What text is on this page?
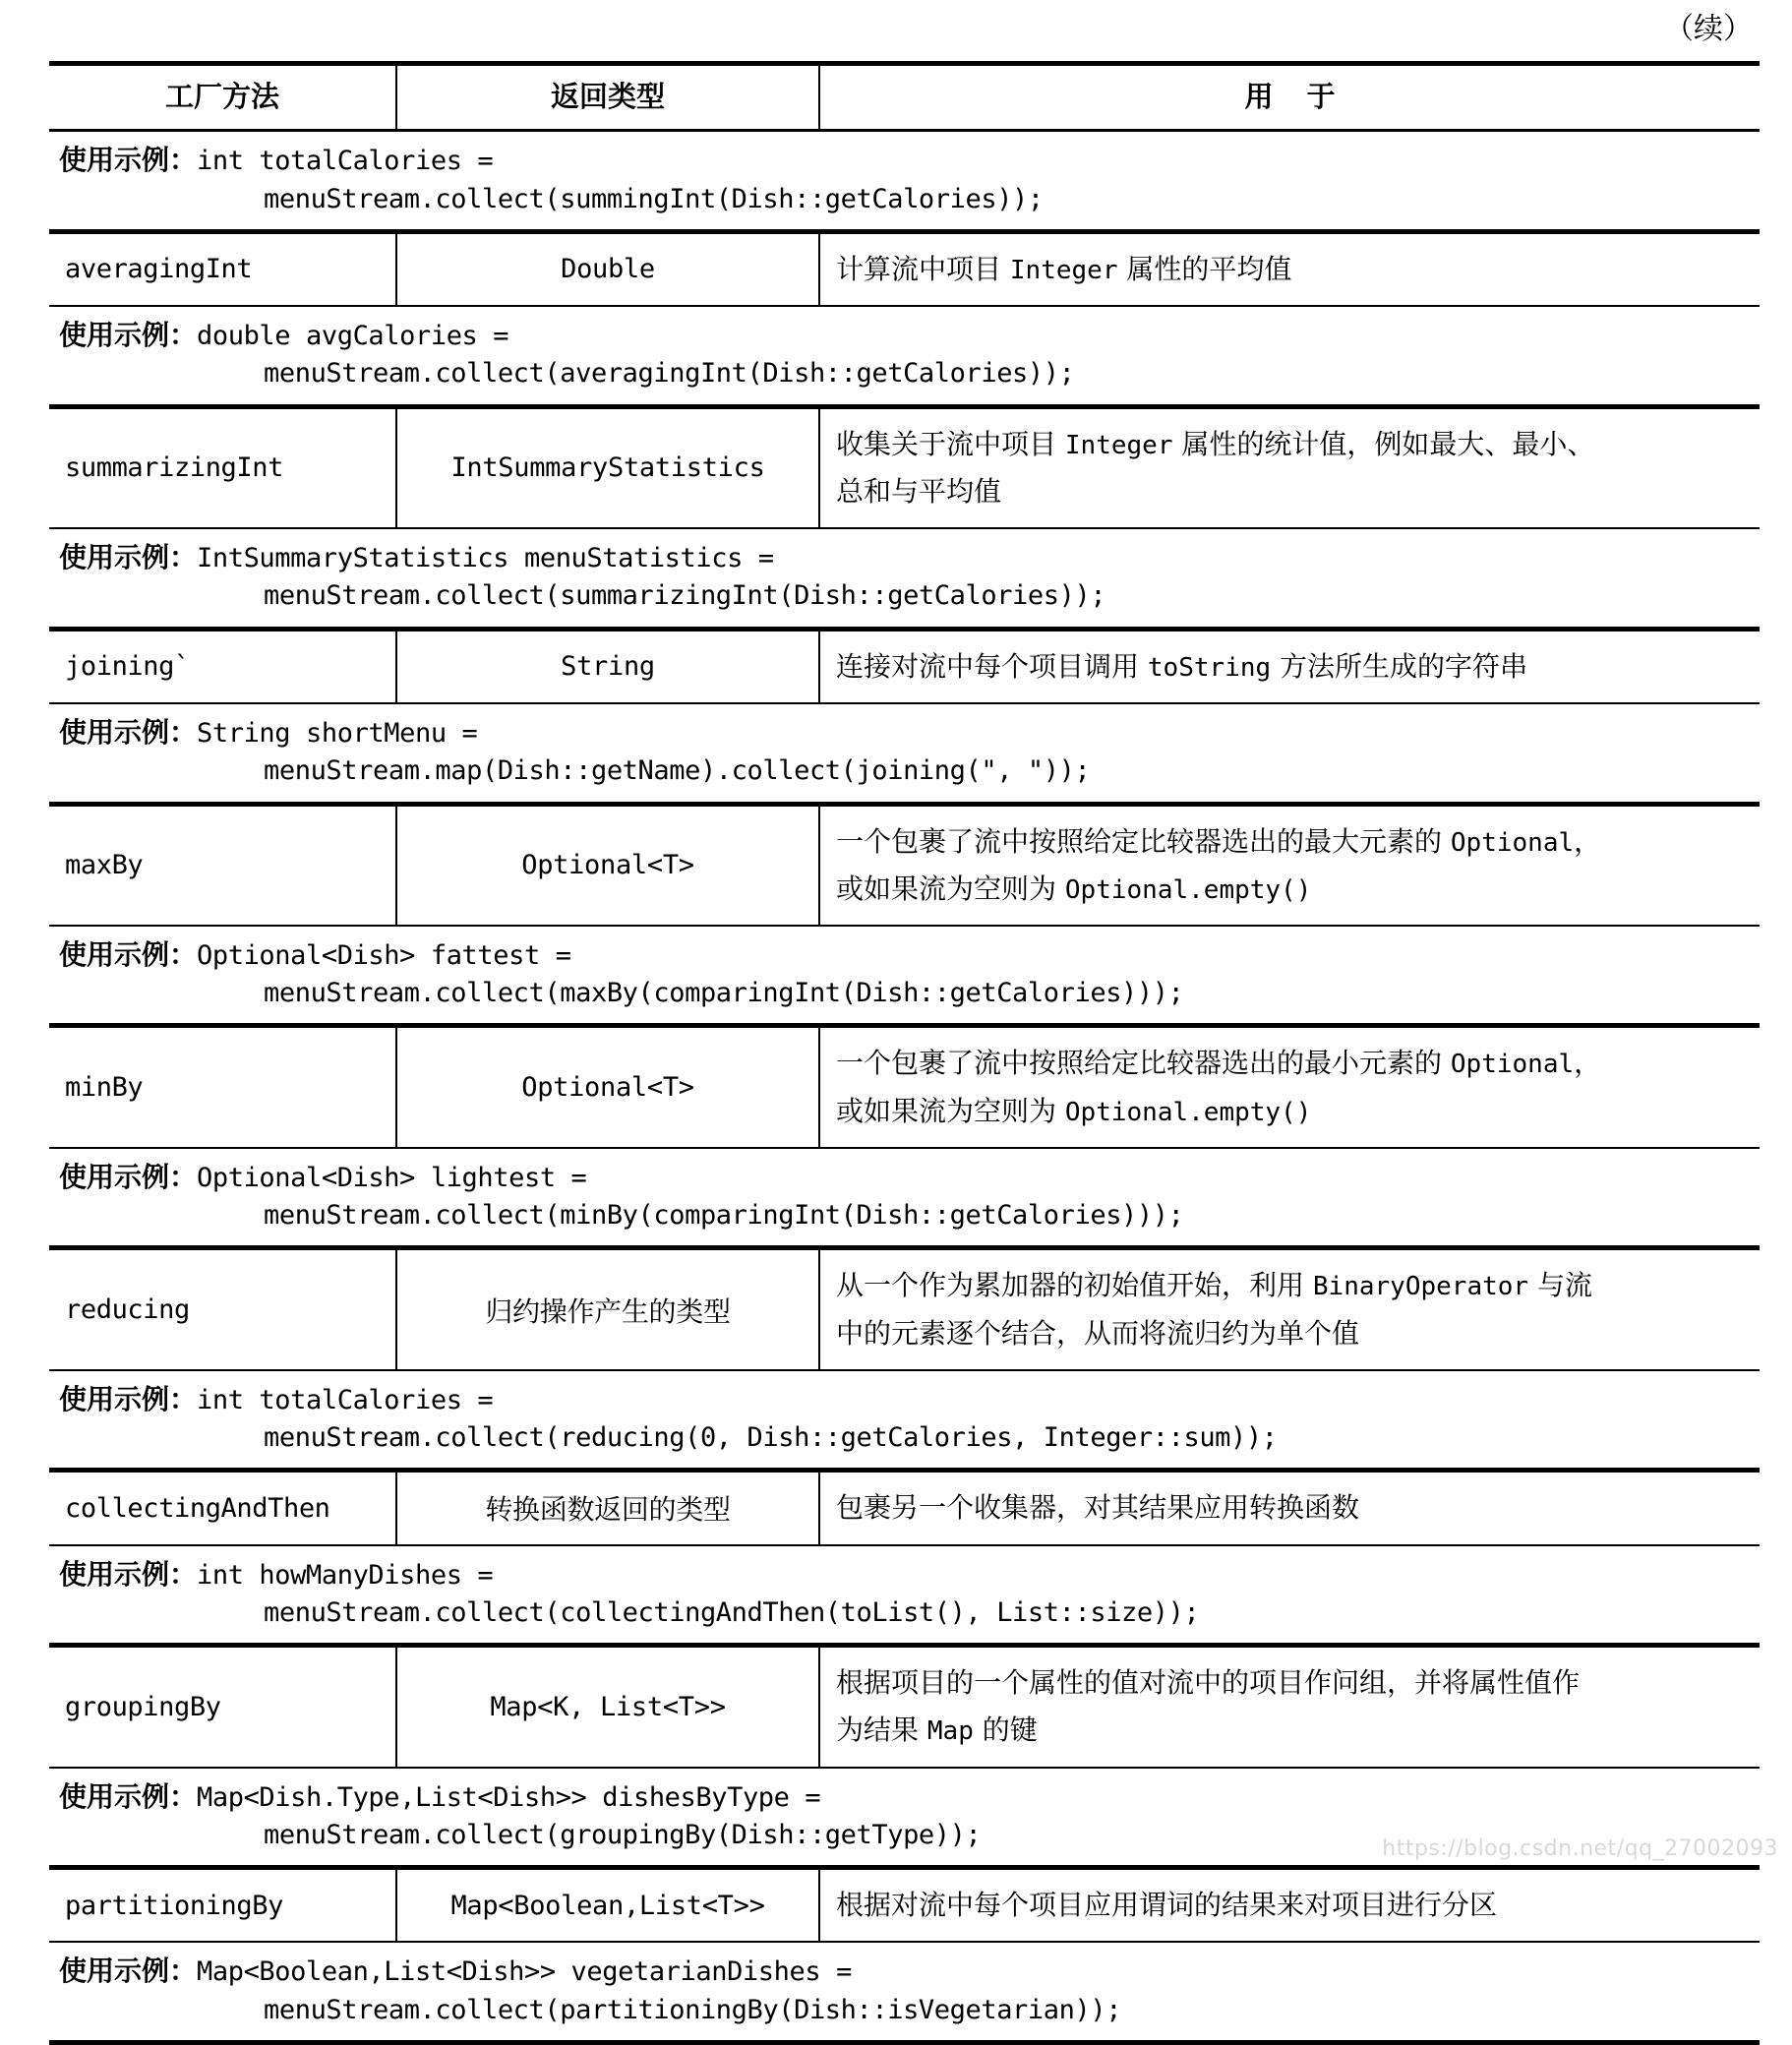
（续）
工厂方法	返回类型	用 于

使用示例：int totalCalories =
menuStream.collect(summingInt(Dish::getCalories));		

averagingInt	Double	计算流中项目 Integer 属性的平均值

使用示例：double avgCalories =
menuStream.collect(averagingInt(Dish::getCalories));		

summarizingInt	IntSummaryStatistics	收集关于流中项目 Integer 属性的统计值，例如最大、最小、
总和与平均值

使用示例：IntSummaryStatistics menuStatistics =
menuStream.collect(summarizingInt(Dish::getCalories));		

joining`	String	连接对流中每个项目调用 toString 方法所生成的字符串

使用示例：String shortMenu =
menuStream.map(Dish::getName).collect(joining(", "));		

maxBy	Optional<T>	一个包裹了流中按照给定比较器选出的最大元素的 Optional，
或如果流为空则为 Optional.empty()

使用示例：Optional<Dish> fattest =
menuStream.collect(maxBy(comparingInt(Dish::getCalories)));		

minBy	Optional<T>	一个包裹了流中按照给定比较器选出的最小元素的 Optional，
或如果流为空则为 Optional.empty()

使用示例：Optional<Dish> lightest =
menuStream.collect(minBy(comparingInt(Dish::getCalories)));		

reducing	归约操作产生的类型	从一个作为累加器的初始值开始，利用 BinaryOperator 与流
中的元素逐个结合，从而将流归约为单个值

使用示例：int totalCalories =
menuStream.collect(reducing(0, Dish::getCalories, Integer::sum));		

collectingAndThen	转换函数返回的类型	包裹另一个收集器，对其结果应用转换函数

使用示例：int howManyDishes =
menuStream.collect(collectingAndThen(toList(), List::size));		

groupingBy	Map<K, List<T>>	根据项目的一个属性的值对流中的项目作问组，并将属性值作
为结果 Map 的键

使用示例：Map<Dish.Type,List<Dish>> dishesByType =
menuStream.collect(groupingBy(Dish::getType));		

partitioningBy	Map<Boolean,List<T>>	根据对流中每个项目应用谓词的结果来对项目进行分区

使用示例：Map<Boolean,List<Dish>> vegetarianDishes =
menuStream.collect(partitioningBy(Dish::isVegetarian));		
https://blog.csdn.net/qq_27002093
